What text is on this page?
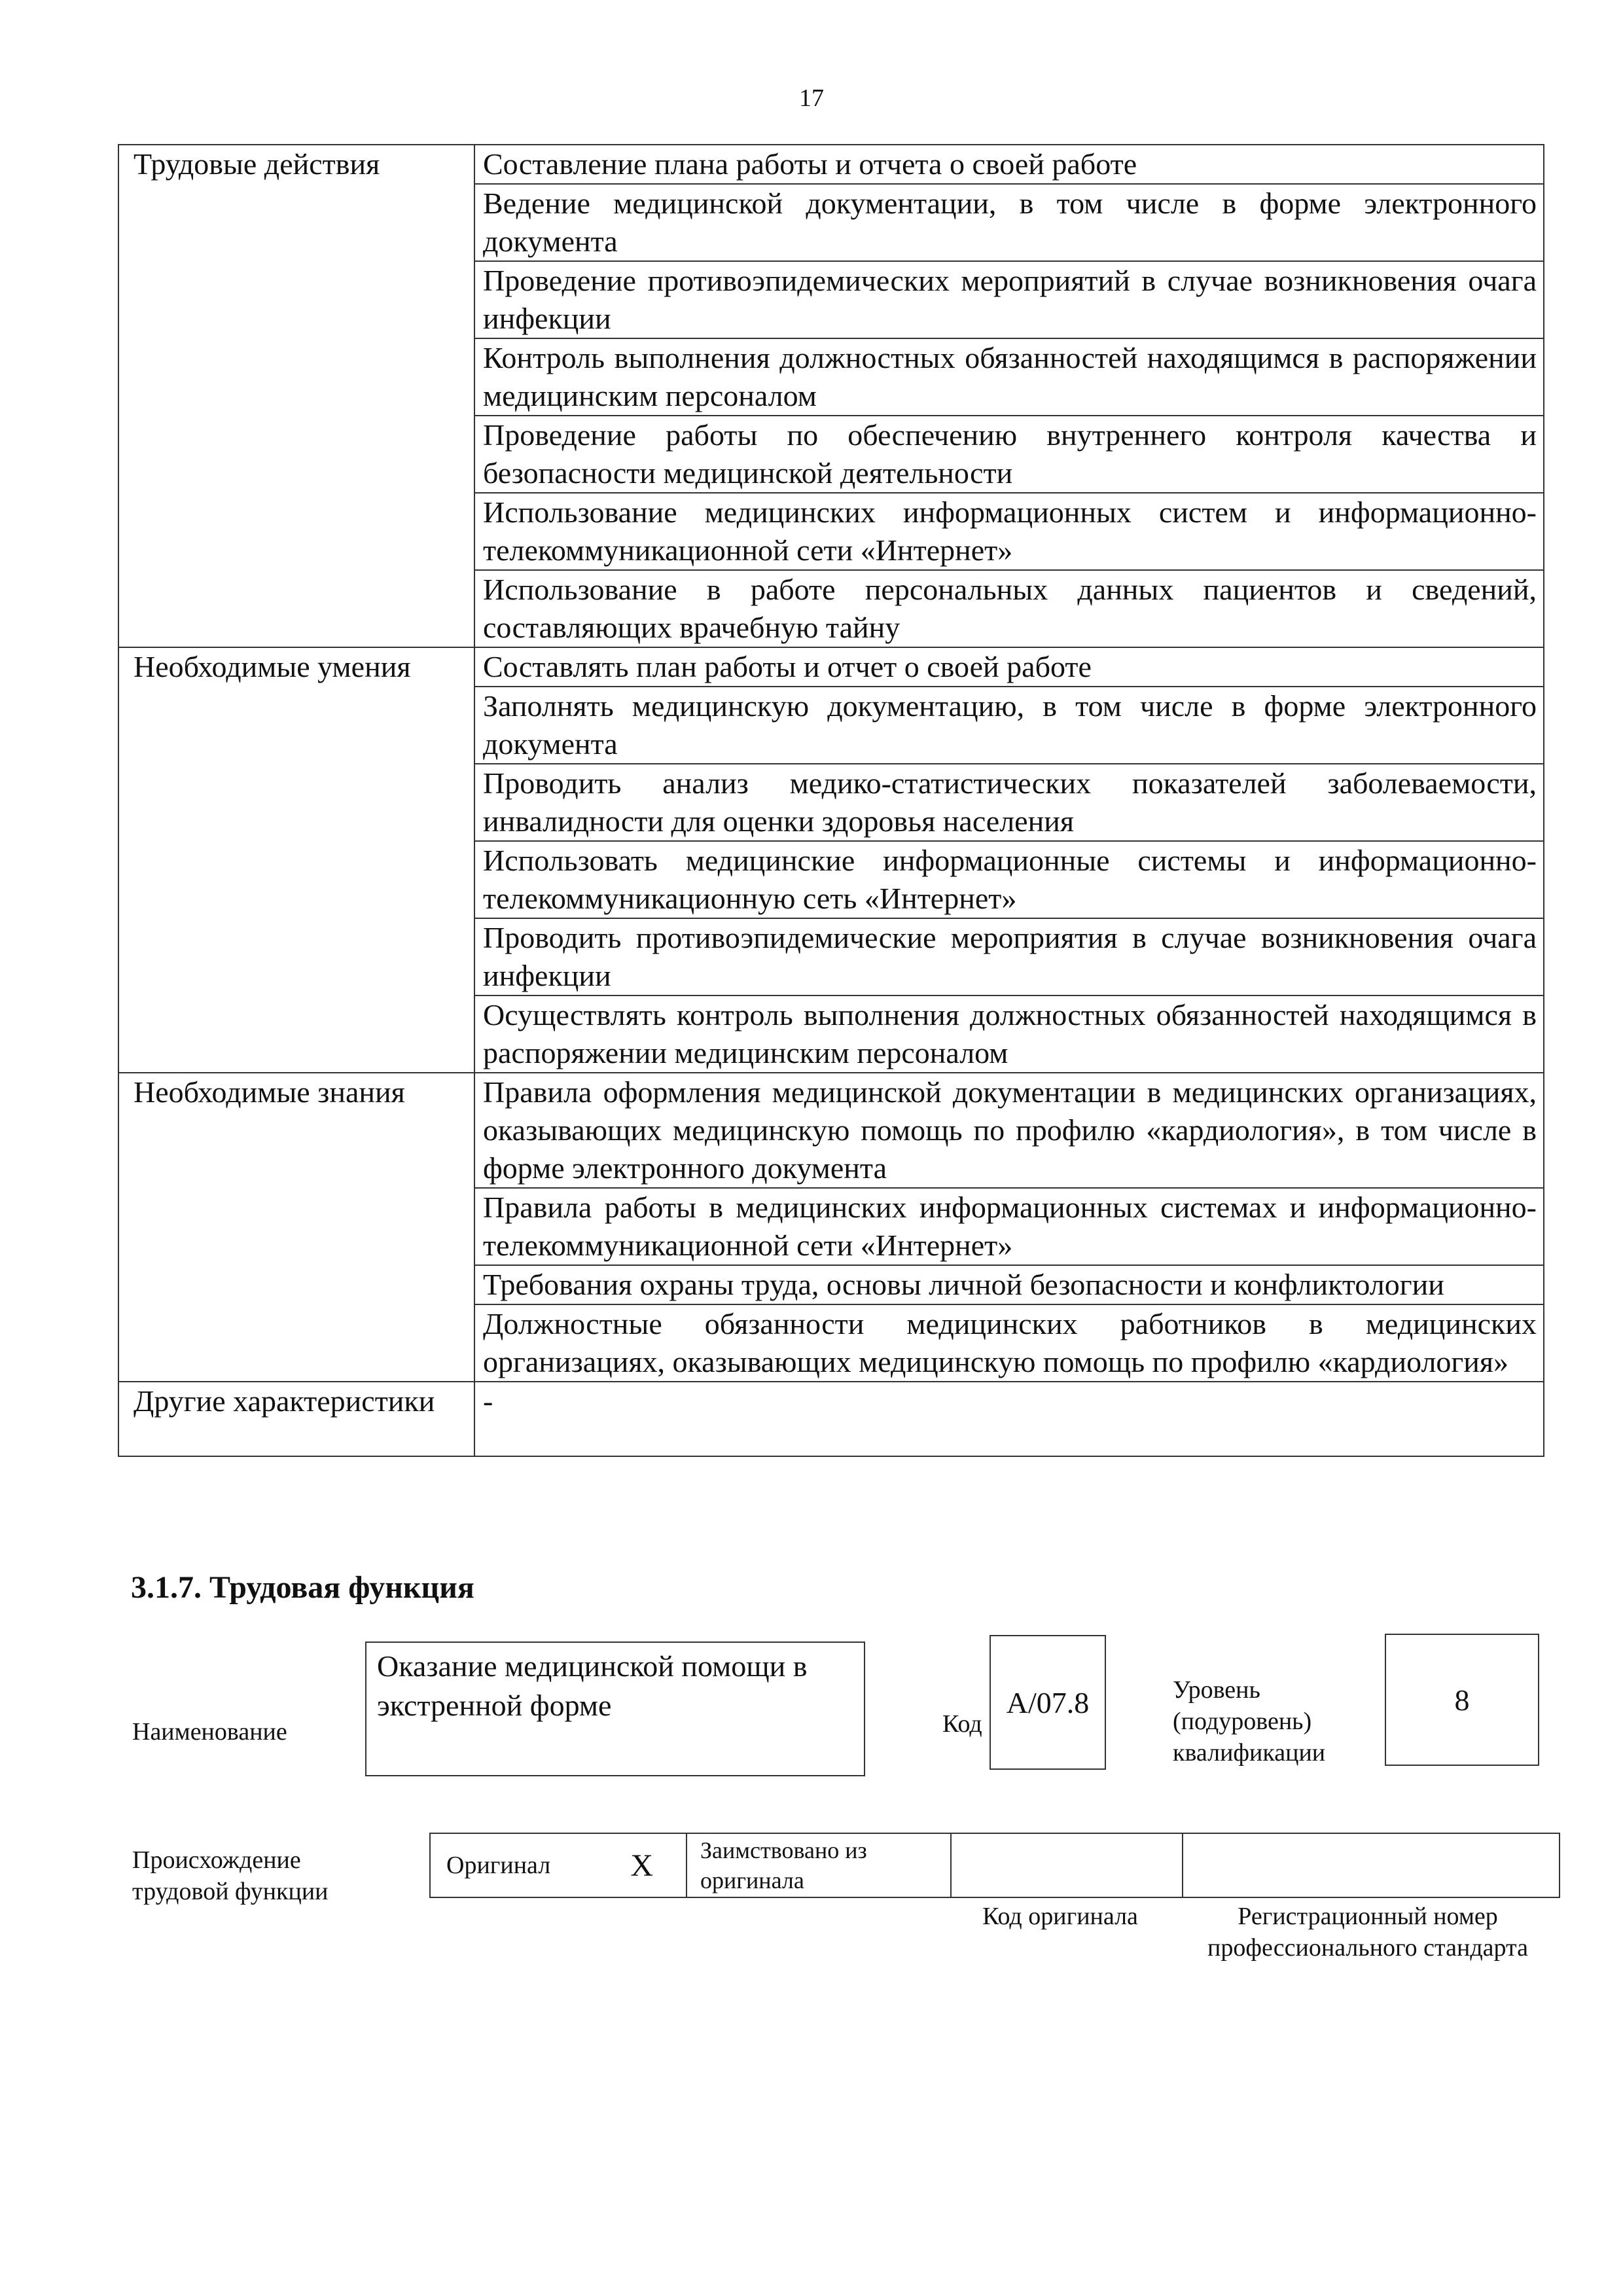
17
Трудовые действия	Составление плана работы и отчета о своей работе
	Ведение медицинской документации, в том числе в форме электронного документа
	Проведение противоэпидемических мероприятий в случае возникновения очага инфекции
	Контроль выполнения должностных обязанностей находящимся в распоряжении медицинским персоналом
	Проведение работы по обеспечению внутреннего контроля качества и безопасности медицинской деятельности
	Использование медицинских информационных систем и информационно-телекоммуникационной сети «Интернет»
	Использование в работе персональных данных пациентов и сведений, составляющих врачебную тайну
Необходимые умения	Составлять план работы и отчет о своей работе
	Заполнять медицинскую документацию, в том числе в форме электронного документа
	Проводить анализ медико-статистических показателей заболеваемости, инвалидности для оценки здоровья населения
	Использовать медицинские информационные системы и информационно-телекоммуникационную сеть «Интернет»
	Проводить противоэпидемические мероприятия в случае возникновения очага инфекции
	Осуществлять контроль выполнения должностных обязанностей находящимся в распоряжении медицинским персоналом
Необходимые знания	Правила оформления медицинской документации в медицинских организациях, оказывающих медицинскую помощь по профилю «кардиология», в том числе в форме электронного документа
	Правила работы в медицинских информационных системах и информационно-телекоммуникационной сети «Интернет»
	Требования охраны труда, основы личной безопасности и конфликтологии
	Должностные обязанности медицинских работников в медицинских организациях, оказывающих медицинскую помощь по профилю «кардиология»
Другие характеристики	-
3.1.7. Трудовая функция
Наименование
Оказание медицинской помощи в экстренной форме
Код
А/07.8	Уровень (подуровень) квалификации
8
Происхождение трудовой функции
Оригинал	X	Заимствовано из оригинала		
Код оригинала	Регистрационный номер профессионального стандарта
